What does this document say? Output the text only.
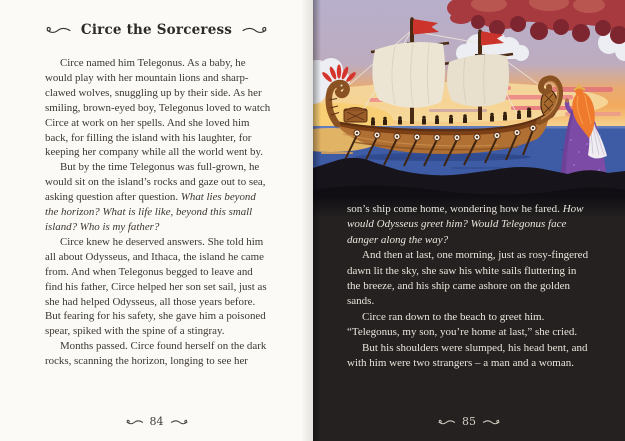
Circe the Sorceress

Circe named him Telegonus. As a baby, he would play with her mountain lions and sharp-clawed wolves, snuggling up by their side. As her smiling, brown-eyed boy, Telegonus loved to watch Circe at work on her spells. And she loved him back, for filling the island with his laughter, for keeping her company while all the world went by.

But by the time Telegonus was full-grown, he would sit on the island’s rocks and gaze out to sea, asking question after question. What lies beyond the horizon? What is life like, beyond this small island? Who is my father?

Circe knew he deserved answers. She told him all about Odysseus, and Ithaca, the island he came from. And when Telegonus begged to leave and find his father, Circe helped her son set sail, just as she had helped Odysseus, all those years before. But fearing for his safety, she gave him a poisoned spear, spiked with the spine of a stingray.

Months passed. Circe found herself on the dark rocks, scanning the horizon, longing to see her

84

son’s ship come home, wondering how he fared. How would Odysseus greet him? Would Telegonus face danger along the way?

And then at last, one morning, just as rosy-fingered dawn lit the sky, she saw his white sails fluttering in the breeze, and his ship came ashore on the golden sands.

Circe ran down to the beach to greet him. “Telegonus, my son, you’re home at last,” she cried.

But his shoulders were slumped, his head bent, and with him were two strangers – a man and a woman.

85
